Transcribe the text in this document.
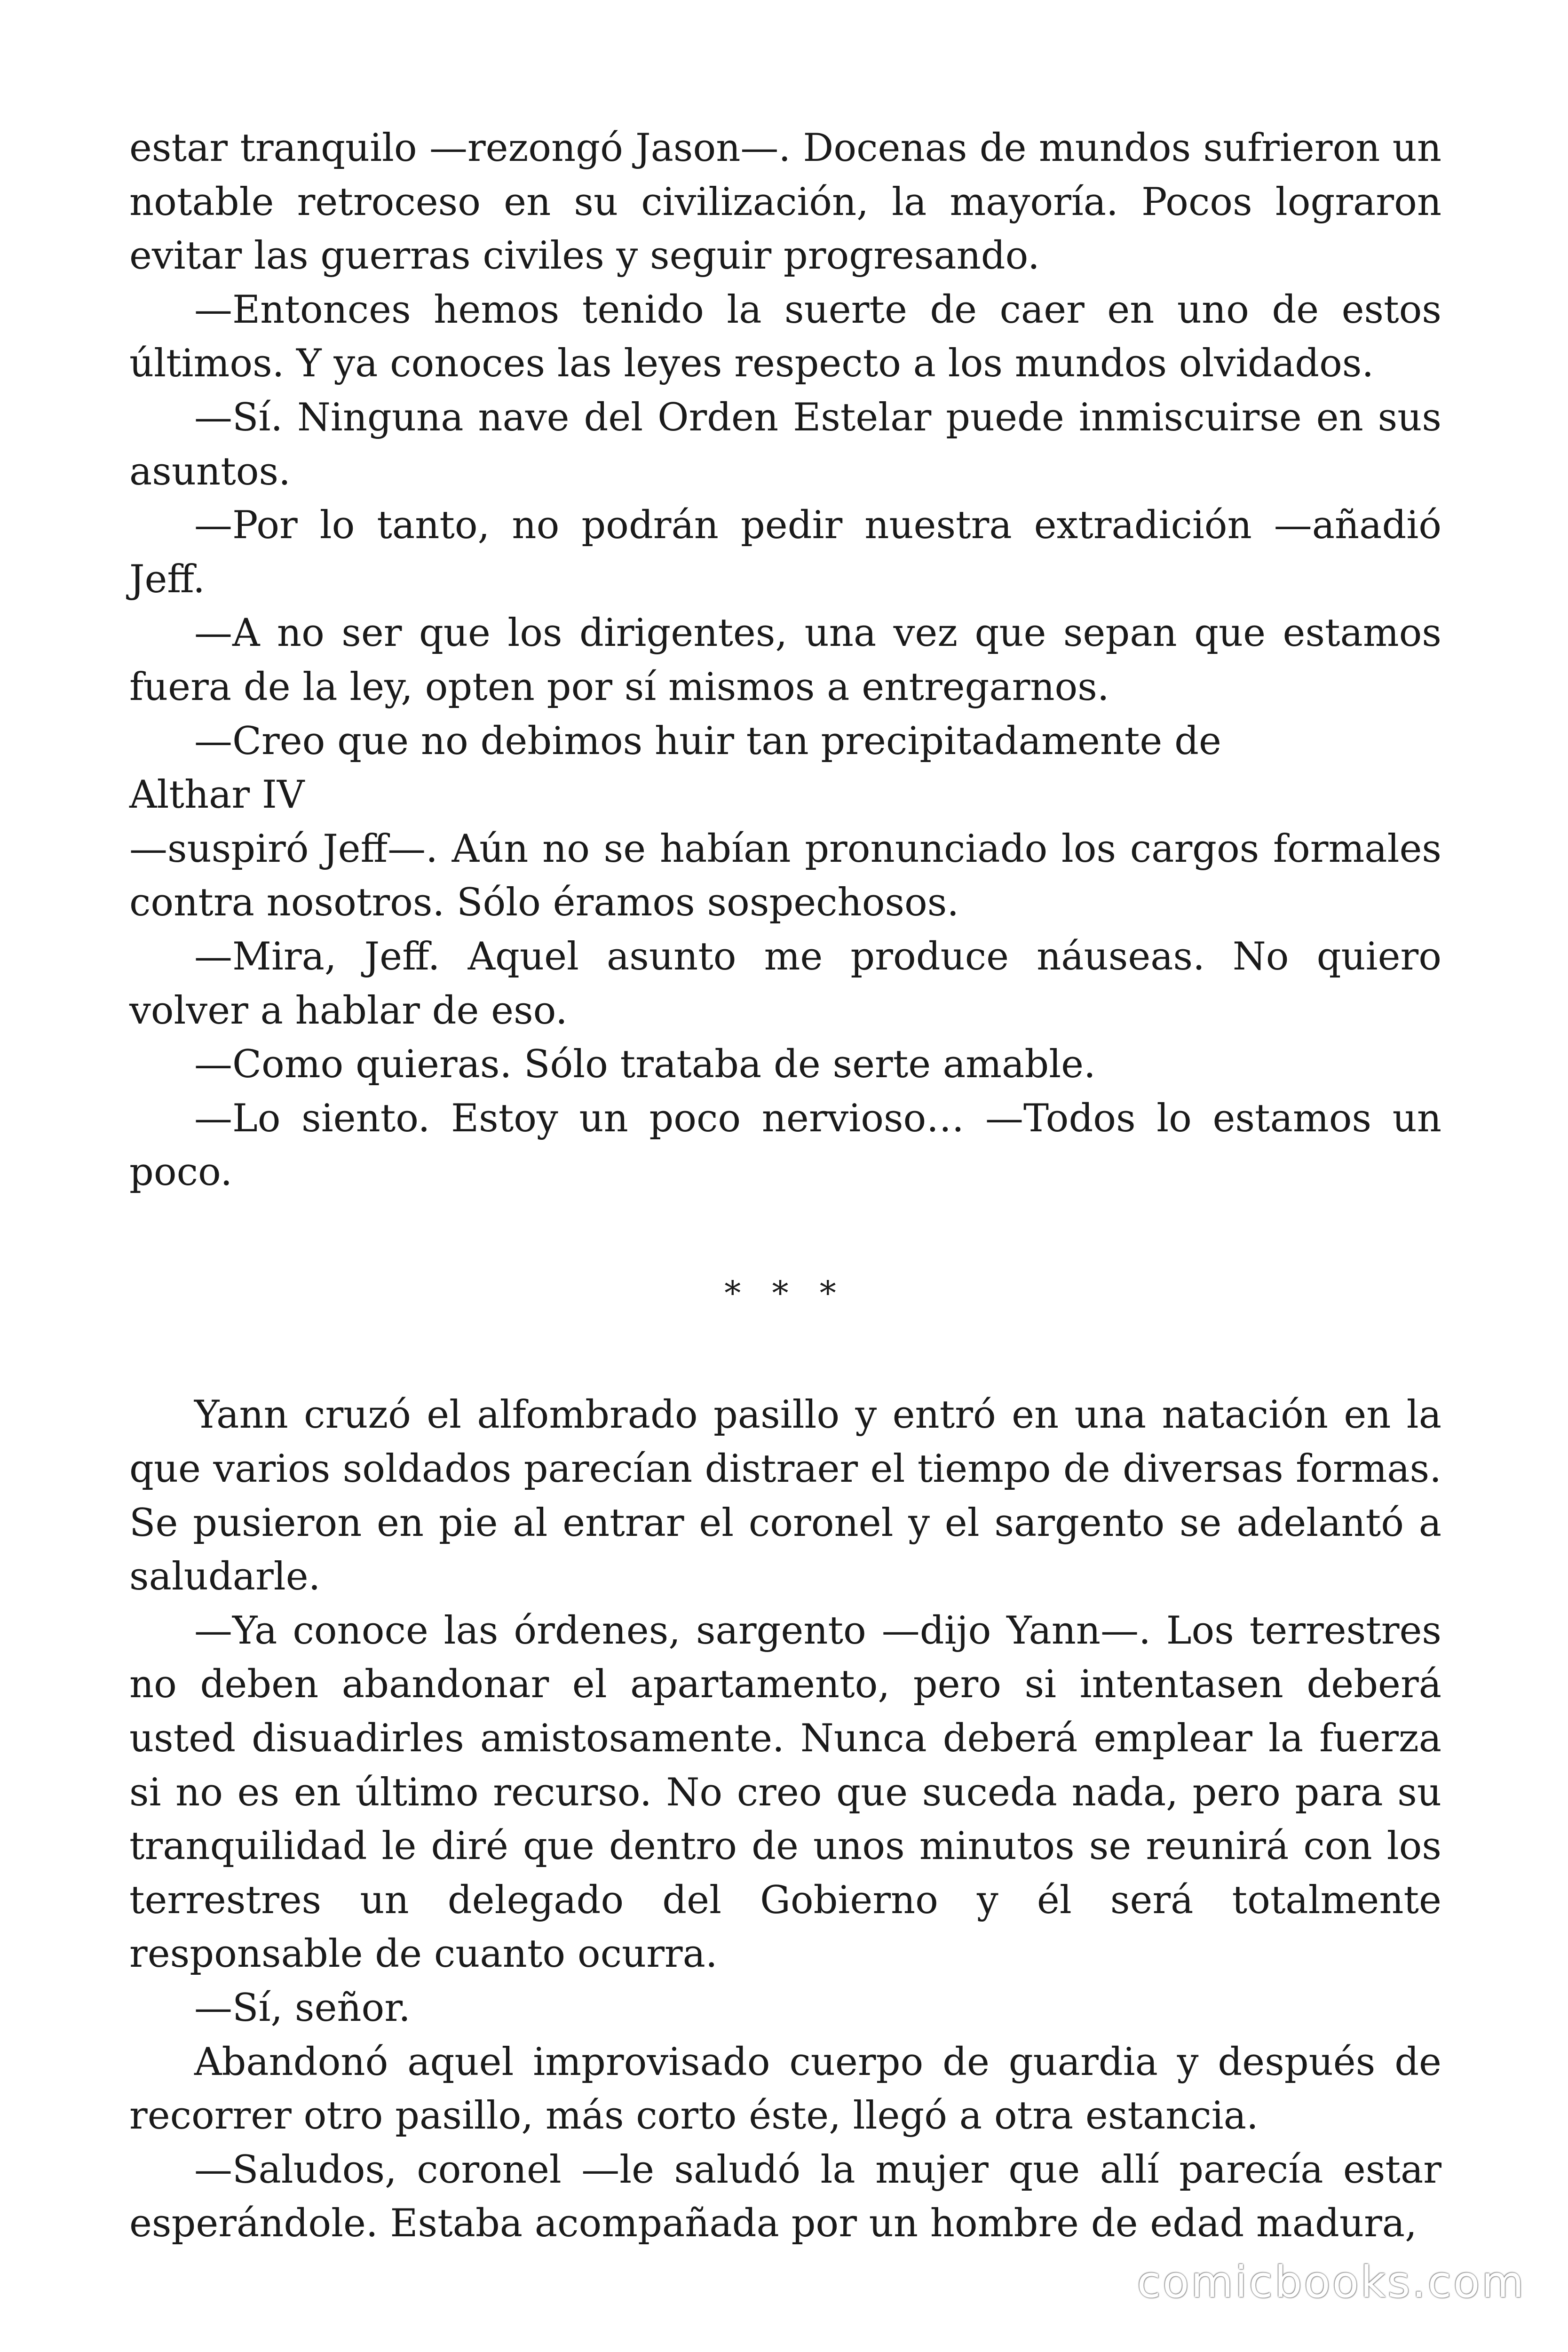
estar tranquilo —rezongó Jason—. Docenas de mundos sufrieron un notable retroceso en su civilización, la mayoría. Pocos lograron evitar las guerras civiles y seguir progresando.

—Entonces hemos tenido la suerte de caer en uno de estos últimos. Y ya conoces las leyes respecto a los mundos olvidados.

—Sí. Ninguna nave del Orden Estelar puede inmiscuirse en sus asuntos.

—Por lo tanto, no podrán pedir nuestra extradición —añadió Jeff.

—A no ser que los dirigentes, una vez que sepan que estamos fuera de la ley, opten por sí mismos a entregarnos.

—Creo que no debimos huir tan precipitadamente de

Althar IV

—suspiró Jeff—. Aún no se habían pronunciado los cargos formales contra nosotros. Sólo éramos sospechosos.

—Mira, Jeff. Aquel asunto me produce náuseas. No quiero volver a hablar de eso.

—Como quieras. Sólo trataba de serte amable.

—Lo siento. Estoy un poco nervioso… —Todos lo estamos un poco.

* * *

Yann cruzó el alfombrado pasillo y entró en una natación en la que varios soldados parecían distraer el tiempo de diversas formas. Se pusieron en pie al entrar el coronel y el sargento se adelantó a saludarle.

—Ya conoce las órdenes, sargento —dijo Yann—. Los terrestres no deben abandonar el apartamento, pero si intentasen deberá usted disuadirles amistosamente. Nunca deberá emplear la fuerza si no es en último recurso. No creo que suceda nada, pero para su tranquilidad le diré que dentro de unos minutos se reunirá con los terrestres un delegado del Gobierno y él será totalmente responsable de cuanto ocurra.

—Sí, señor.

Abandonó aquel improvisado cuerpo de guardia y después de recorrer otro pasillo, más corto éste, llegó a otra estancia.

—Saludos, coronel —le saludó la mujer que allí parecía estar esperándole. Estaba acompañada por un hombre de edad madura,

comicbooks.com
